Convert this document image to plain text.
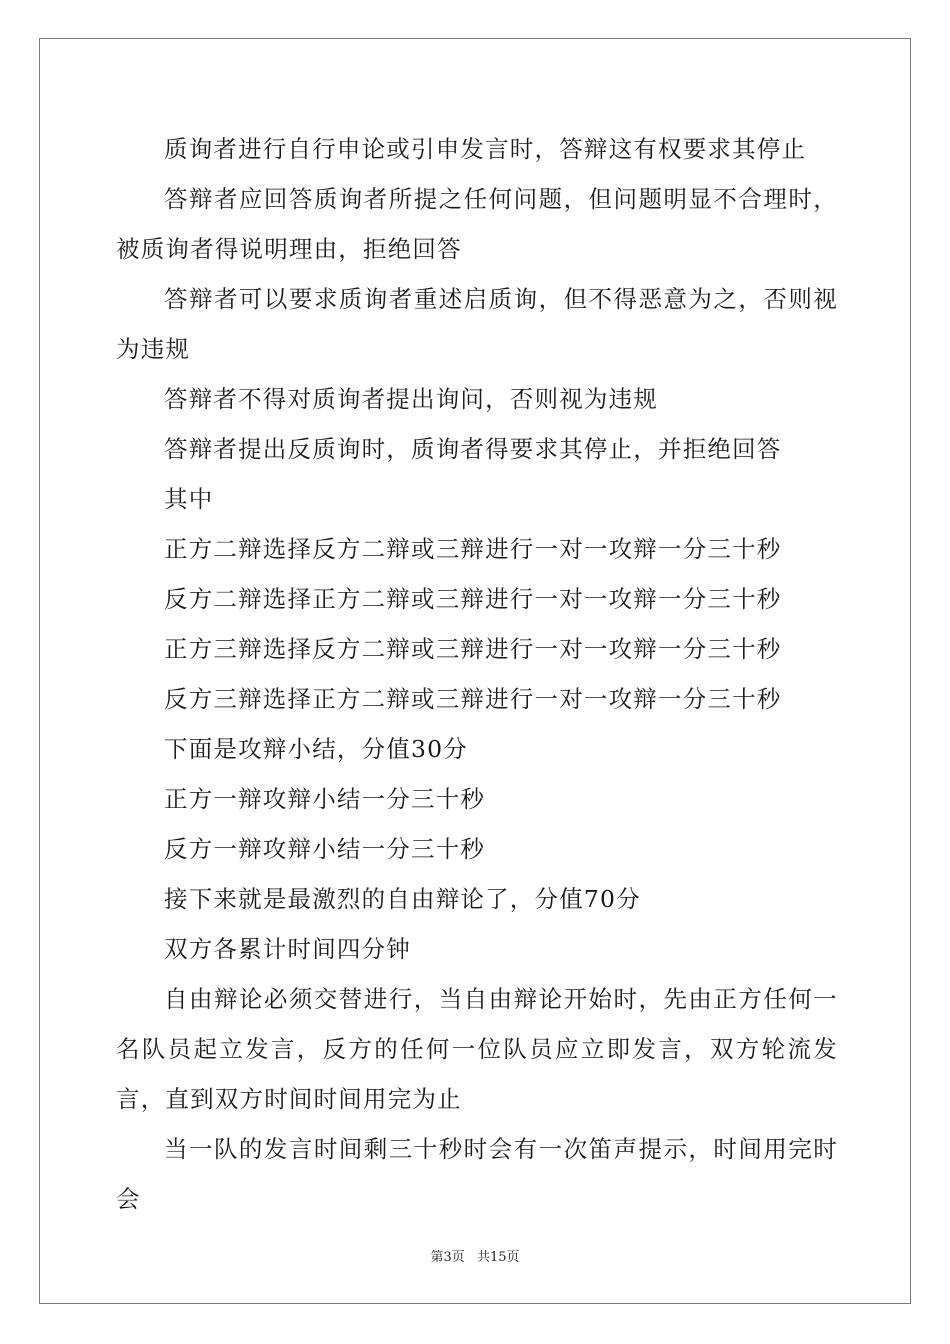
质询者进行自行申论或引申发言时，答辩这有权要求其停止

答辩者应回答质询者所提之任何问题，但问题明显不合理时，被质询者得说明理由，拒绝回答

答辩者可以要求质询者重述启质询，但不得恶意为之，否则视为违规

答辩者不得对质询者提出询问，否则视为违规

答辩者提出反质询时，质询者得要求其停止，并拒绝回答

其中

正方二辩选择反方二辩或三辩进行一对一攻辩一分三十秒

反方二辩选择正方二辩或三辩进行一对一攻辩一分三十秒

正方三辩选择反方二辩或三辩进行一对一攻辩一分三十秒

反方三辩选择正方二辩或三辩进行一对一攻辩一分三十秒

下面是攻辩小结，分值30分

正方一辩攻辩小结一分三十秒

反方一辩攻辩小结一分三十秒

接下来就是最激烈的自由辩论了，分值70分

双方各累计时间四分钟

自由辩论必须交替进行，当自由辩论开始时，先由正方任何一名队员起立发言，反方的任何一位队员应立即发言，双方轮流发言，直到双方时间时间用完为止

当一队的发言时间剩三十秒时会有一次笛声提示，时间用完时会

第3页 共15页
